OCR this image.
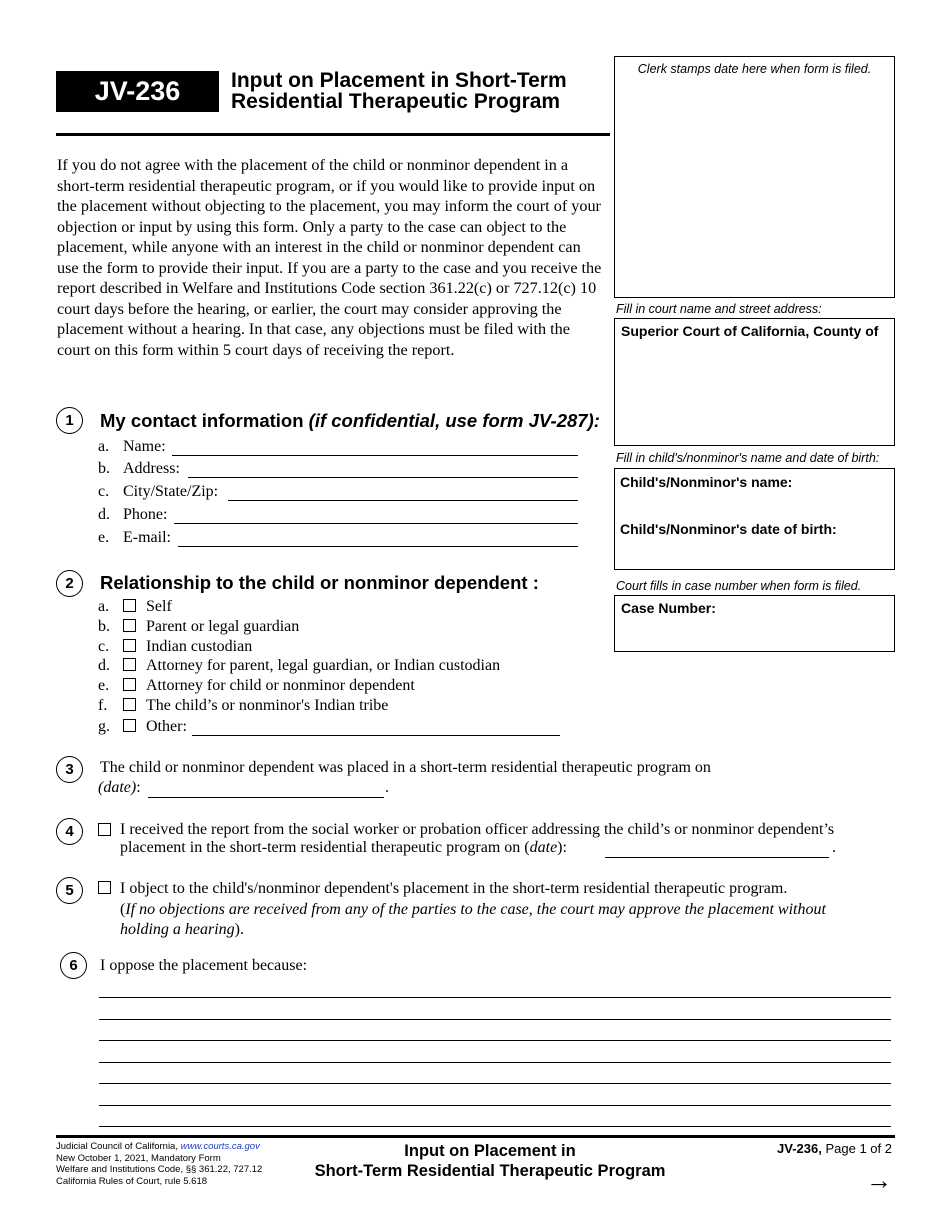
JV-236	Input on Placement in Short-Term
Residential Therapeutic Program
If you do not agree with the placement of the child or nonminor dependent in a short-term residential therapeutic program, or if you would like to provide input on the placement without objecting to the placement, you may inform the court of your objection or input by using this form. Only a party to the case can object to the placement, while anyone with an interest in the child or nonminor dependent can use the form to provide their input. If you are a party to the case and you receive the report described in Welfare and Institutions Code section 361.22(c) or 727.12(c) 10 court days before the hearing, or earlier, the court may consider approving the placement without a hearing. In that case, any objections must be filed with the court on this form within 5 court days of receiving the report.
Clerk stamps date here when form is filed.
Fill in court name and street address:
Superior Court of California, County of
Fill in child's/nonminor's name and date of birth:
Child's/Nonminor's name:
Child's/Nonminor's date of birth:
Court fills in case number when form is filed.
Case Number:
1	My contact information (if confidential, use form JV-287):
a. Name:
b. Address:
c. City/State/Zip:
d. Phone:
e. E-mail:
2	Relationship to the child or nonminor dependent :
a. Self
b. Parent or legal guardian
c. Indian custodian
d. Attorney for parent, legal guardian, or Indian custodian
e. Attorney for child or nonminor dependent
f. The child’s or nonminor's Indian tribe
g. Other:
3	The child or nonminor dependent was placed in a short-term residential therapeutic program on
(date):	.
4	I received the report from the social worker or probation officer addressing the child’s or nonminor dependent’s
placement in the short-term residential therapeutic program on (date):	.
5	I object to the child's/nonminor dependent's placement in the short-term residential therapeutic program.
(If no objections are received from any of the parties to the case, the court may approve the placement without
holding a hearing).
6	I oppose the placement because:
Judicial Council of California, www.courts.ca.gov
New October 1, 2021, Mandatory Form
Welfare and Institutions Code, §§ 361.22, 727.12
California Rules of Court, rule 5.618
Input on Placement in
Short-Term Residential Therapeutic Program
JV-236, Page 1 of 2
→
